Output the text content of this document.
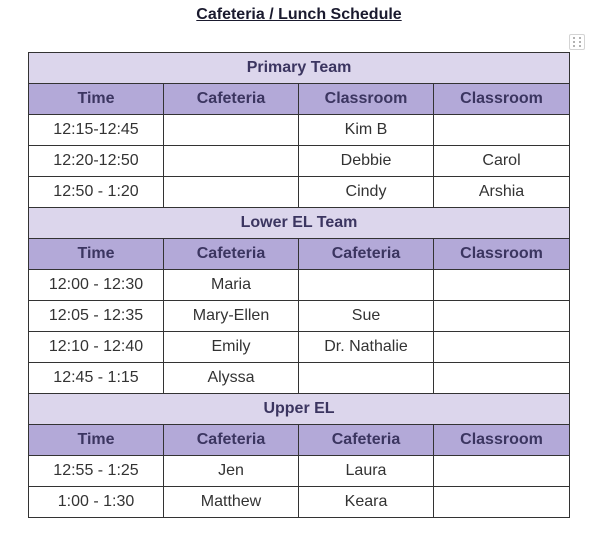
Cafeteria / Lunch Schedule
Primary Team			
Time	Cafeteria	Classroom	Classroom
12:15-12:45		Kim B	
12:20-12:50		Debbie	Carol
12:50 - 1:20		Cindy	Arshia
Lower EL Team			
Time	Cafeteria	Cafeteria	Classroom
12:00 - 12:30	Maria		
12:05 - 12:35	Mary-Ellen	Sue	
12:10 - 12:40	Emily	Dr. Nathalie	
12:45 - 1:15	Alyssa		
Upper EL			
Time	Cafeteria	Cafeteria	Classroom
12:55 - 1:25	Jen	Laura	
1:00 - 1:30	Matthew	Keara	
